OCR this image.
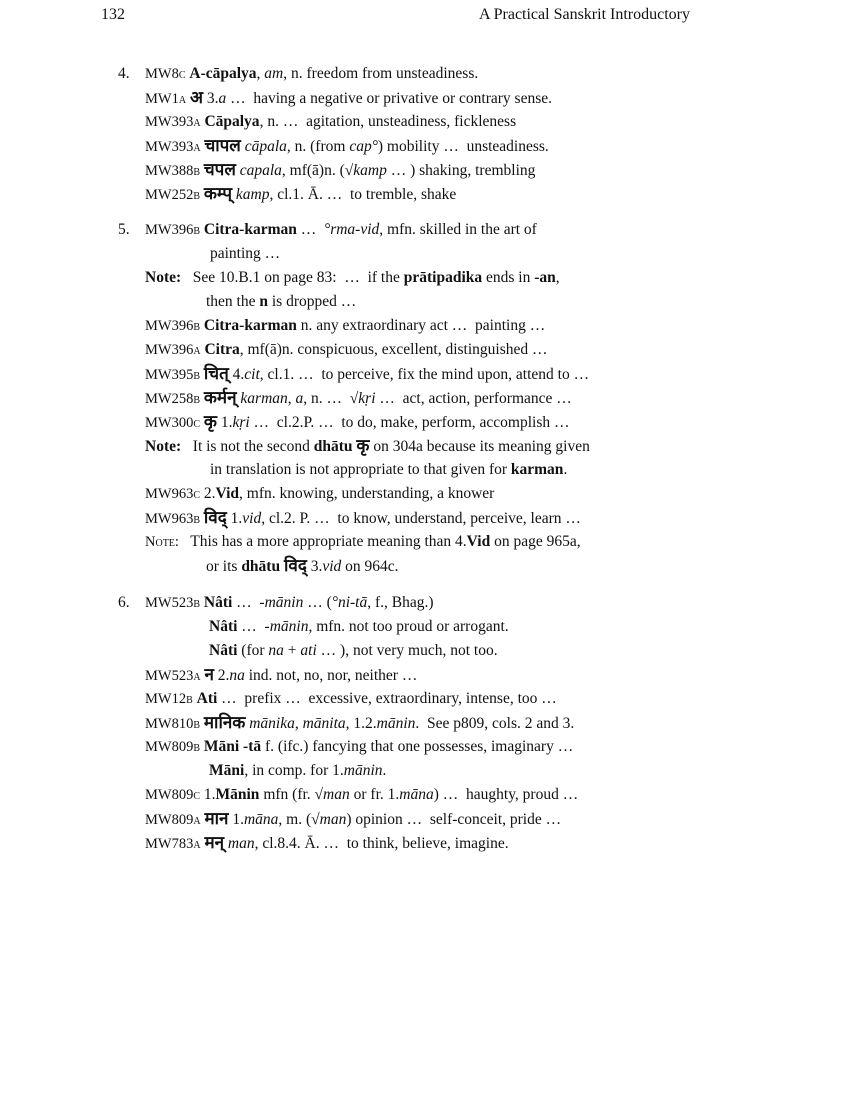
132	A Practical Sanskrit Introductory
4. MW8c A-cāpalya, am, n. freedom from unsteadiness.
MW1a अ 3.a …  having a negative or privative or contrary sense.
MW393a Cāpalya, n. …  agitation, unsteadiness, fickleness
MW393a चापल cāpala, n. (from cap°) mobility …  unsteadiness.
MW388b चपल capala, mf(ā)n. (√kamp … ) shaking, trembling
MW252b कम्प् kamp, cl.1. Ā. …  to tremble, shake
5. MW396b Citra-karman …  °rma-vid, mfn. skilled in the art of
painting …
Note:   See 10.B.1 on page 83:  …  if the prātipadika ends in -an,
then the n is dropped …
MW396b Citra-karman n. any extraordinary act …  painting …
MW396a Citra, mf(ā)n. conspicuous, excellent, distinguished …
MW395b चित् 4.cit, cl.1. …  to perceive, fix the mind upon, attend to …
MW258b कर्मन् karman, a, n. …  √kṛi …  act, action, performance …
MW300c कृ 1.kṛi …  cl.2.P. …  to do, make, perform, accomplish …
Note:   It is not the second dhātu कृ on 304a because its meaning given
in translation is not appropriate to that given for karman.
MW963c 2.Vid, mfn. knowing, understanding, a knower
MW963b विद् 1.vid, cl.2. P. …  to know, understand, perceive, learn …
Note:   This has a more appropriate meaning than 4.Vid on page 965a,
or its dhātu विद् 3.vid on 964c.
6. MW523b Nâti …  -mānin … (°ni-tā, f., Bhag.)
Nâti …  -mānin, mfn. not too proud or arrogant.
Nâti (for na + ati … ), not very much, not too.
MW523a न 2.na ind. not, no, nor, neither …
MW12b Ati …  prefix …  excessive, extraordinary, intense, too …
MW810b मानिक mānika, mānita, 1.2.mānin.  See p809, cols. 2 and 3.
MW809b Māni -tā f. (ifc.) fancying that one possesses, imaginary …
Māni, in comp. for 1.mānin.
MW809c 1.Mānin mfn (fr. √man or fr. 1.māna) …  haughty, proud …
MW809a मान 1.māna, m. (√man) opinion …  self-conceit, pride …
MW783a मन् man, cl.8.4. Ā. …  to think, believe, imagine.
